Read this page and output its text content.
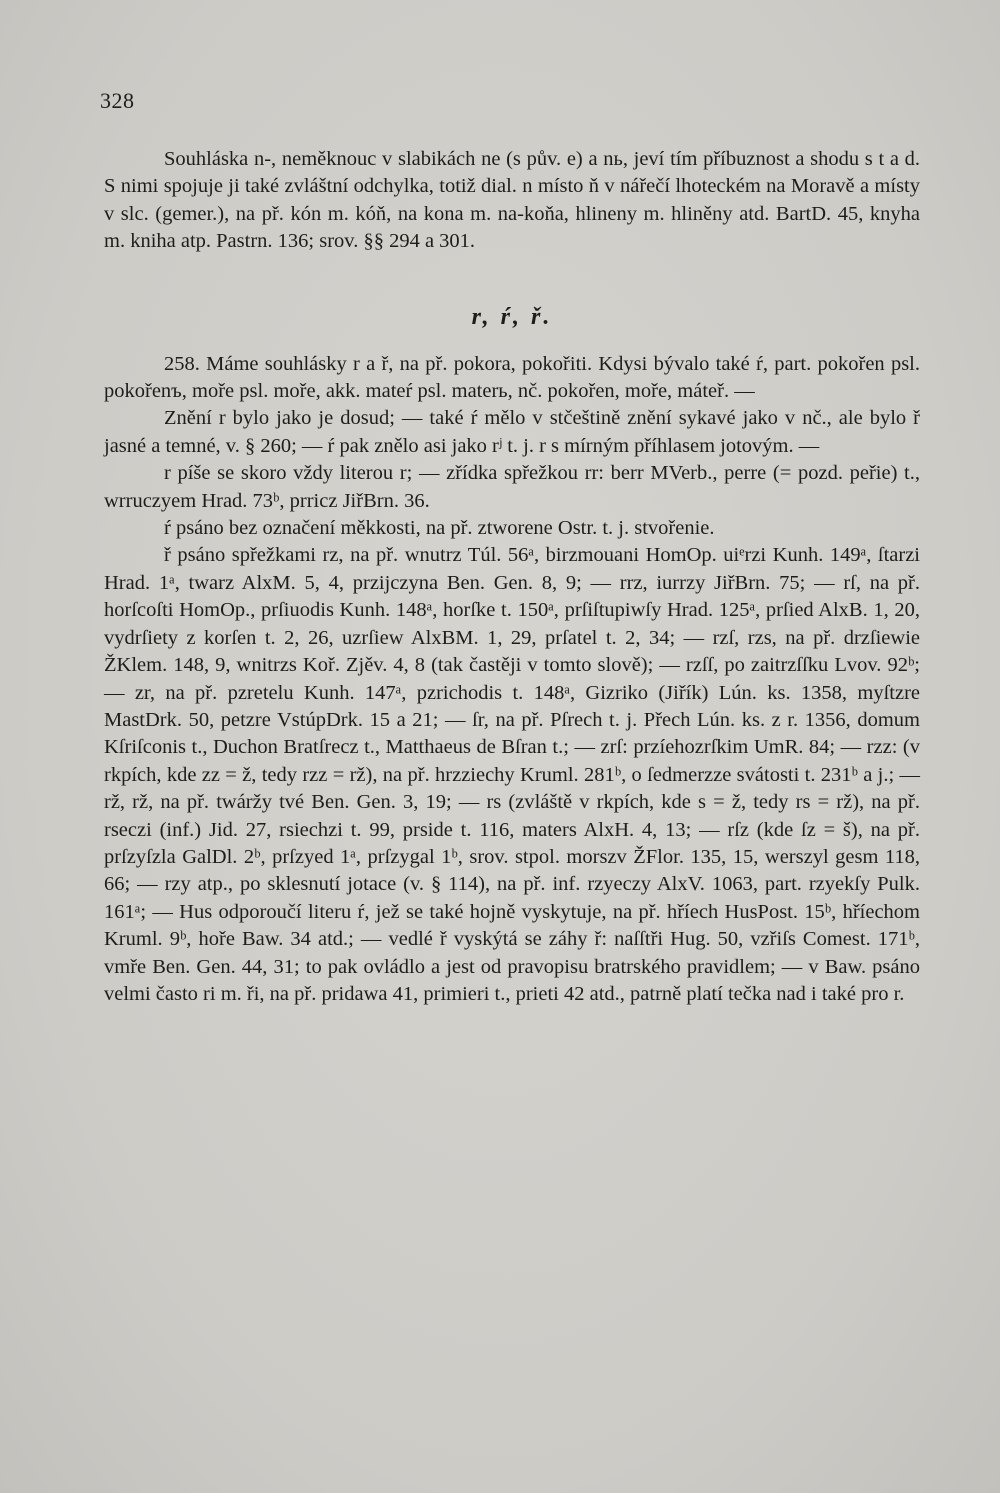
328

Souhláska n-, neměknouc v slabikách ne (s pův. e) a nь, jeví tím příbuznost a shodu s t a d. S nimi spojuje ji také zvláštní odchylka, totiž dial. n místo ň v nářečí lhoteckém na Moravě a místy v slc. (gemer.), na př. kón m. kóň, na kona m. na-koňa, hlineny m. hliněny atd. BartD. 45, knyha m. kniha atp. Pastrn. 136; srov. §§ 294 a 301.

r, ŕ, ř.

258. Máme souhlásky r a ř, na př. pokora, pokořiti. Kdysi bývalo také ŕ, part. pokořen psl. pokořenъ, moře psl. moře, akk. mateŕ psl. materь, nč. pokořen, moře, máteř. —

Znění r bylo jako je dosud; — také ŕ mělo v stčeštině znění sykavé jako v nč., ale bylo ř jasné a temné, v. § 260; — ŕ pak znělo asi jako rʲ t. j. r s mírným příhlasem jotovým. —

r píše se skoro vždy literou r; — zřídka spřežkou rr: berr MVerb., perre (= pozd. peřie) t., wrruczyem Hrad. 73ᵇ, prricz JiřBrn. 36.

ŕ psáno bez označení měkkosti, na př. ztworene Ostr. t. j. stvořenie.

ř psáno spřežkami rz, na př. wnutrz Túl. 56ᵃ, birzmouani HomOp. uiᵉrzi Kunh. 149ᵃ, ſtarzi Hrad. 1ᵃ, twarz AlxM. 5, 4, przijczyna Ben. Gen. 8, 9; — rrz, iurrzy JiřBrn. 75; — rſ, na př. horſcoſti HomOp., prſiuodis Kunh. 148ᵃ, horſke t. 150ᵃ, prſiſtupiwſy Hrad. 125ᵃ, prſied AlxB. 1, 20, vydrſiety z korſen t. 2, 26, uzrſiew AlxBM. 1, 29, prſatel t. 2, 34; — rzſ, rzs, na př. drzſiewie ŽKlem. 148, 9, wnitrzs Koř. Zjěv. 4, 8 (tak častěji v tomto slově); — rzſſ, po zaitrzſſku Lvov. 92ᵇ; — zr, na př. pzretelu Kunh. 147ᵃ, pzrichodis t. 148ᵃ, Gizriko (Jiřík) Lún. ks. 1358, myſtzre MastDrk. 50, petzre VstúpDrk. 15 a 21; — ſr, na př. Pſrech t. j. Přech Lún. ks. z r. 1356, domum Kſriſconis t., Duchon Bratſrecz t., Matthaeus de Bſran t.; — zrſ: przíehozrſkim UmR. 84; — rzz: (v rkpích, kde zz = ž, tedy rzz = rž), na př. hrzziechy Kruml. 281ᵇ, o ſedmerzze svátosti t. 231ᵇ a j.; — rž, rž, na př. twáržy tvé Ben. Gen. 3, 19; — rs (zvláště v rkpích, kde s = ž, tedy rs = rž), na př. rseczi (inf.) Jid. 27, rsiechzi t. 99, prside t. 116, maters AlxH. 4, 13; — rſz (kde ſz = š), na př. prſzyſzla GalDl. 2ᵇ, prſzyed 1ᵃ, prſzygal 1ᵇ, srov. stpol. morszv ŽFlor. 135, 15, werszyl gesm 118, 66; — rzy atp., po sklesnutí jotace (v. § 114), na př. inf. rzyeczy AlxV. 1063, part. rzyekſy Pulk. 161ᵃ; — Hus odporoučí literu ŕ, jež se také hojně vyskytuje, na př. hříech HusPost. 15ᵇ, hříechom Kruml. 9ᵇ, hoře Baw. 34 atd.; — vedlé ř vyskýtá se záhy ř: naſſtři Hug. 50, vzřiſs Comest. 171ᵇ, vmře Ben. Gen. 44, 31; to pak ovládlo a jest od pravopisu bratrského pravidlem; — v Baw. psáno velmi často ri m. ři, na př. pridawa 41, primieri t., prieti 42 atd., patrně platí tečka nad i také pro r.
